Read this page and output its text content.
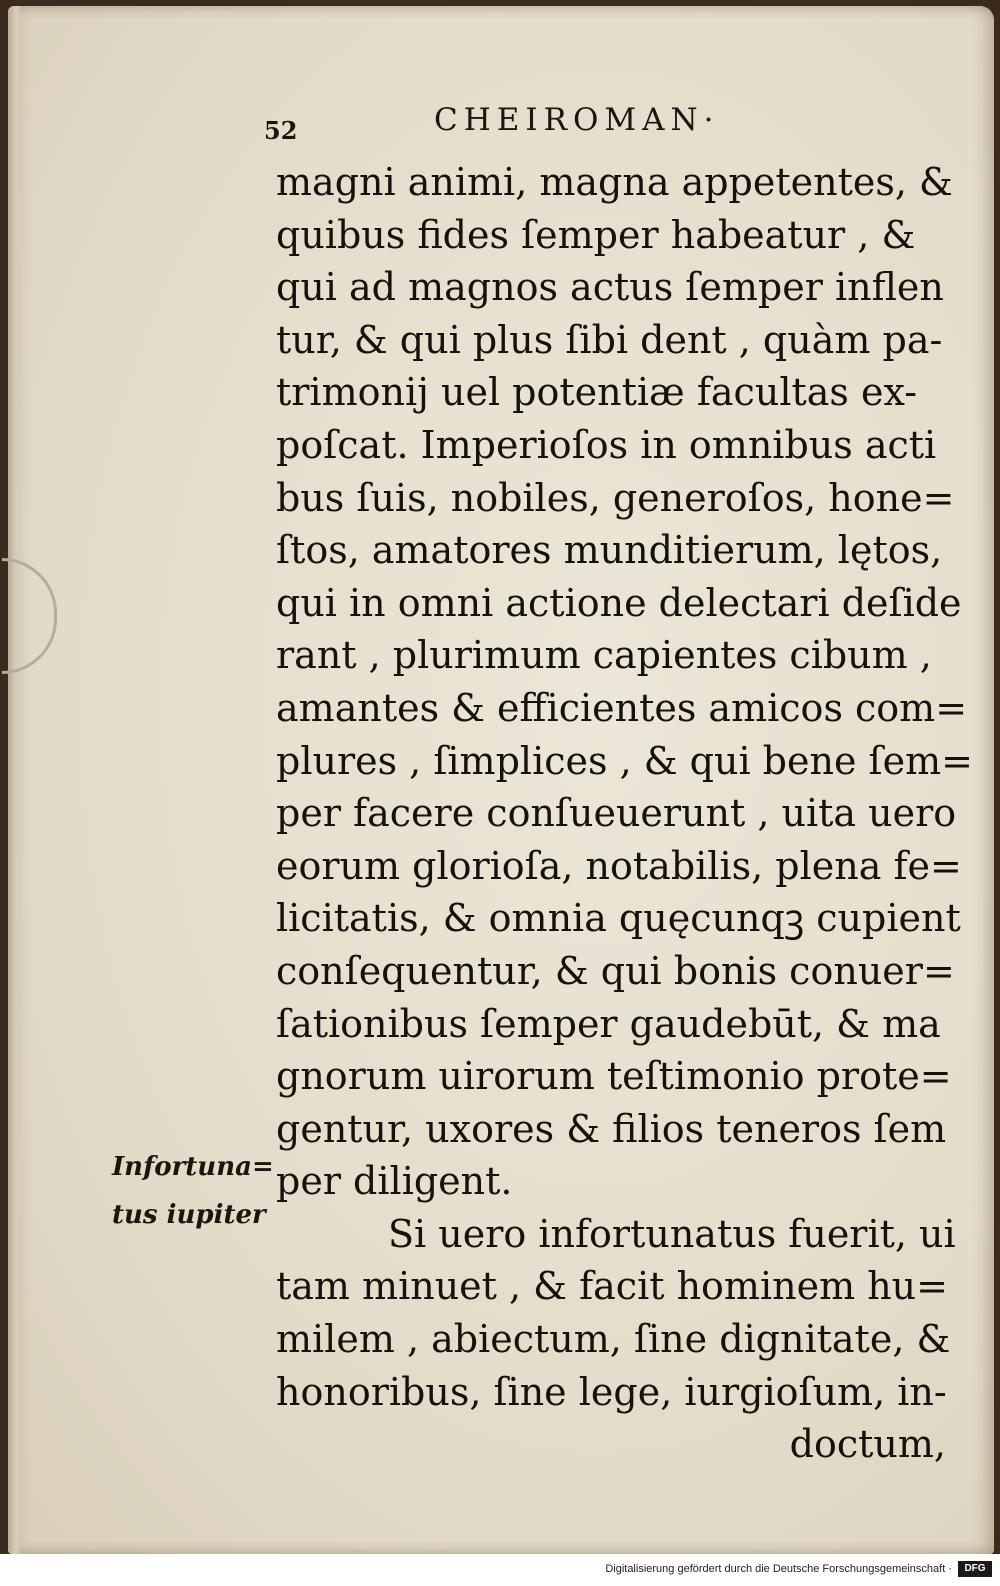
52	CHEIROMAN·
magni animi, magna appetentes, &
quibus fides ſemper habeatur , &
qui ad magnos actus ſemper inflen
tur, & qui plus ſibi dent , quàm pa-
trimonij uel potentiæ facultas ex-
poſcat. Imperioſos in omnibus acti
bus ſuis, nobiles, generoſos, hone=
ſtos, amatores munditierum, lętos,
qui in omni actione delectari deſide
rant , plurimum capientes cibum ,
amantes & efficientes amicos com=
plures , ſimplices , & qui bene ſem=
per facere conſueuerunt , uita uero
eorum glorioſa, notabilis, plena fe=
licitatis, & omnia quęcunqꝫ cupient
conſequentur, & qui bonis conuer=
ſationibus ſemper gaudebūt, & ma
gnorum uirorum teſtimonio prote=
gentur, uxores & filios teneros ſem
per diligent.
Si uero infortunatus fuerit, ui
tam minuet , & facit hominem hu=
milem , abiectum, ſine dignitate, &
honoribus, ſine lege, iurgioſum, in-
doctum,
Infortuna=
tus iupiter
Digitalisierung gefördert durch die Deutsche Forschungsgemeinschaft ·	DFG
